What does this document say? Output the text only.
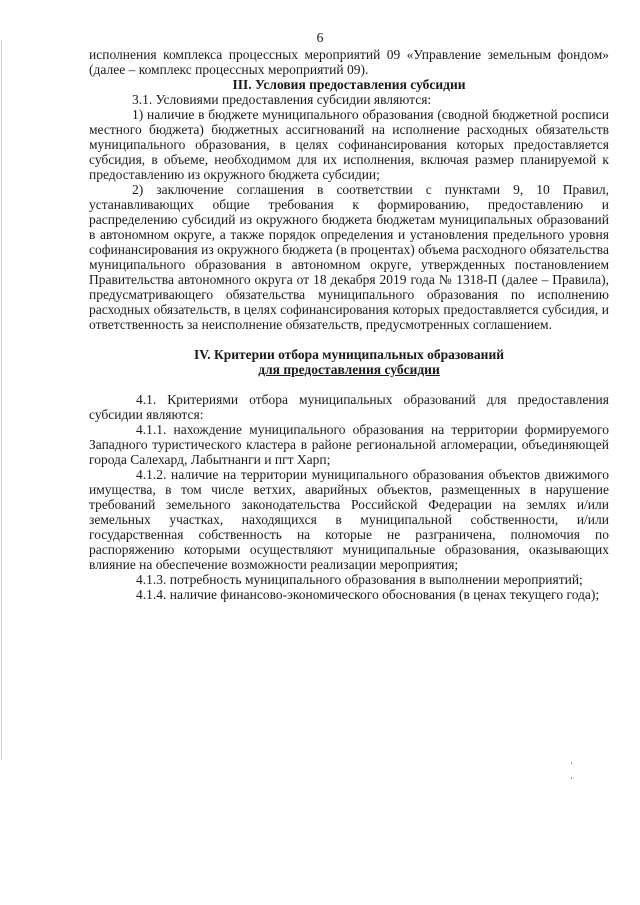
6

исполнения комплекса процессных мероприятий 09 «Управление земельным фондом» (далее – комплекс процессных мероприятий 09).

III. Условия предоставления субсидии

3.1. Условиями предоставления субсидии являются:

1) наличие в бюджете муниципального образования (сводной бюджетной росписи местного бюджета) бюджетных ассигнований на исполнение расходных обязательств муниципального образования, в целях софинансирования которых предоставляется субсидия, в объеме, необходимом для их исполнения, включая размер планируемой к предоставлению из окружного бюджета субсидии;

2) заключение соглашения в соответствии с пунктами 9, 10 Правил, устанавливающих общие требования к формированию, предоставлению и распределению субсидий из окружного бюджета бюджетам муниципальных образований в автономном округе, а также порядок определения и установления предельного уровня софинансирования из окружного бюджета (в процентах) объема расходного обязательства муниципального образования в автономном округе, утвержденных постановлением Правительства автономного округа от 18 декабря 2019 года № 1318-П (далее – Правила), предусматривающего обязательства муниципального образования по исполнению расходных обязательств, в целях софинансирования которых предоставляется субсидия, и ответственность за неисполнение обязательств, предусмотренных соглашением.

IV. Критерии отбора муниципальных образований
для предоставления субсидии

4.1. Критериями отбора муниципальных образований для предоставления субсидии являются:

4.1.1. нахождение муниципального образования на территории формируемого Западного туристического кластера в районе региональной агломерации, объединяющей города Салехард, Лабытнанги и пгт Харп;

4.1.2. наличие на территории муниципального образования объектов движимого имущества, в том числе ветхих, аварийных объектов, размещенных в нарушение требований земельного законодательства Российской Федерации на землях и/или земельных участках, находящихся в муниципальной собственности, и/или государственная собственность на которые не разграничена, полномочия по распоряжению которыми осуществляют муниципальные образования, оказывающих влияние на обеспечение возможности реализации мероприятия;

4.1.3. потребность муниципального образования в выполнении мероприятий;

4.1.4. наличие финансово-экономического обоснования (в ценах текущего года);
